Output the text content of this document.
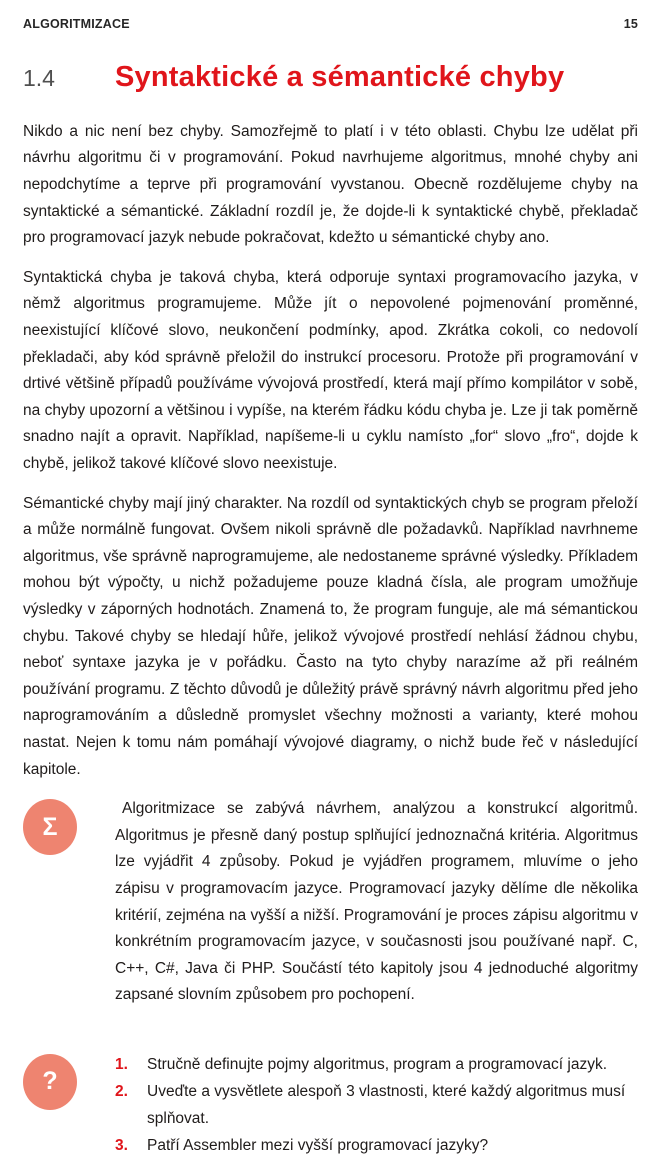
ALGORITMIZACE	15
1.4	Syntaktické a sémantické chyby

Nikdo a nic není bez chyby. Samozřejmě to platí i v této oblasti. Chybu lze udělat při návrhu algoritmu či v programování. Pokud navrhujeme algoritmus, mnohé chyby ani nepodchytíme a teprve při programování vyvstanou. Obecně rozdělujeme chyby na syntaktické a sémantické. Základní rozdíl je, že dojde-li k syntaktické chybě, překladač pro programovací jazyk nebude pokračovat, kdežto u sémantické chyby ano.

Syntaktická chyba je taková chyba, která odporuje syntaxi programovacího jazyka, v němž algoritmus programujeme. Může jít o nepovolené pojmenování proměnné, neexistující klíčové slovo, neukončení podmínky, apod. Zkrátka cokoli, co nedovolí překladači, aby kód správně přeložil do instrukcí procesoru. Protože při programování v drtivé většině případů používáme vývojová prostředí, která mají přímo kompilátor v sobě, na chyby upozorní a většinou i vypíše, na kterém řádku kódu chyba je. Lze ji tak poměrně snadno najít a opravit. Například, napíšeme-li u cyklu namísto „for“ slovo „fro“, dojde k chybě, jelikož takové klíčové slovo neexistuje.

Sémantické chyby mají jiný charakter. Na rozdíl od syntaktických chyb se program přeloží a může normálně fungovat. Ovšem nikoli správně dle požadavků. Například navrhneme algoritmus, vše správně naprogramujeme, ale nedostaneme správné výsledky. Příkladem mohou být výpočty, u nichž požadujeme pouze kladná čísla, ale program umožňuje výsledky v záporných hodnotách. Znamená to, že program funguje, ale má sémantickou chybu. Takové chyby se hledají hůře, jelikož vývojové prostředí nehlásí žádnou chybu, neboť syntaxe jazyka je v pořádku. Často na tyto chyby narazíme až při reálném používání programu. Z těchto důvodů je důležitý právě správný návrh algoritmu před jeho naprogramováním a důsledně promyslet všechny možnosti a varianty, které mohou nastat. Nejen k tomu nám pomáhají vývojové diagramy, o nichž bude řeč v následující kapitole.

Σ

Algoritmizace se zabývá návrhem, analýzou a konstrukcí algoritmů. Algoritmus je přesně daný postup splňující jednoznačná kritéria. Algoritmus lze vyjádřit 4 způsoby. Pokud je vyjádřen programem, mluvíme o jeho zápisu v programovacím jazyce. Programovací jazyky dělíme dle několika kritérií, zejména na vyšší a nižší. Programování je proces zápisu algoritmu v konkrétním programovacím jazyce, v současnosti jsou používané např. C, C++, C#, Java či PHP. Součástí této kapitoly jsou 4 jednoduché algoritmy zapsané slovním způsobem pro pochopení.

?
1.	Stručně definujte pojmy algoritmus, program a programovací jazyk.
2.	Uveďte a vysvětlete alespoň 3 vlastnosti, které každý algoritmus musí splňovat.
3.	Patří Assembler mezi vyšší programovací jazyky?
